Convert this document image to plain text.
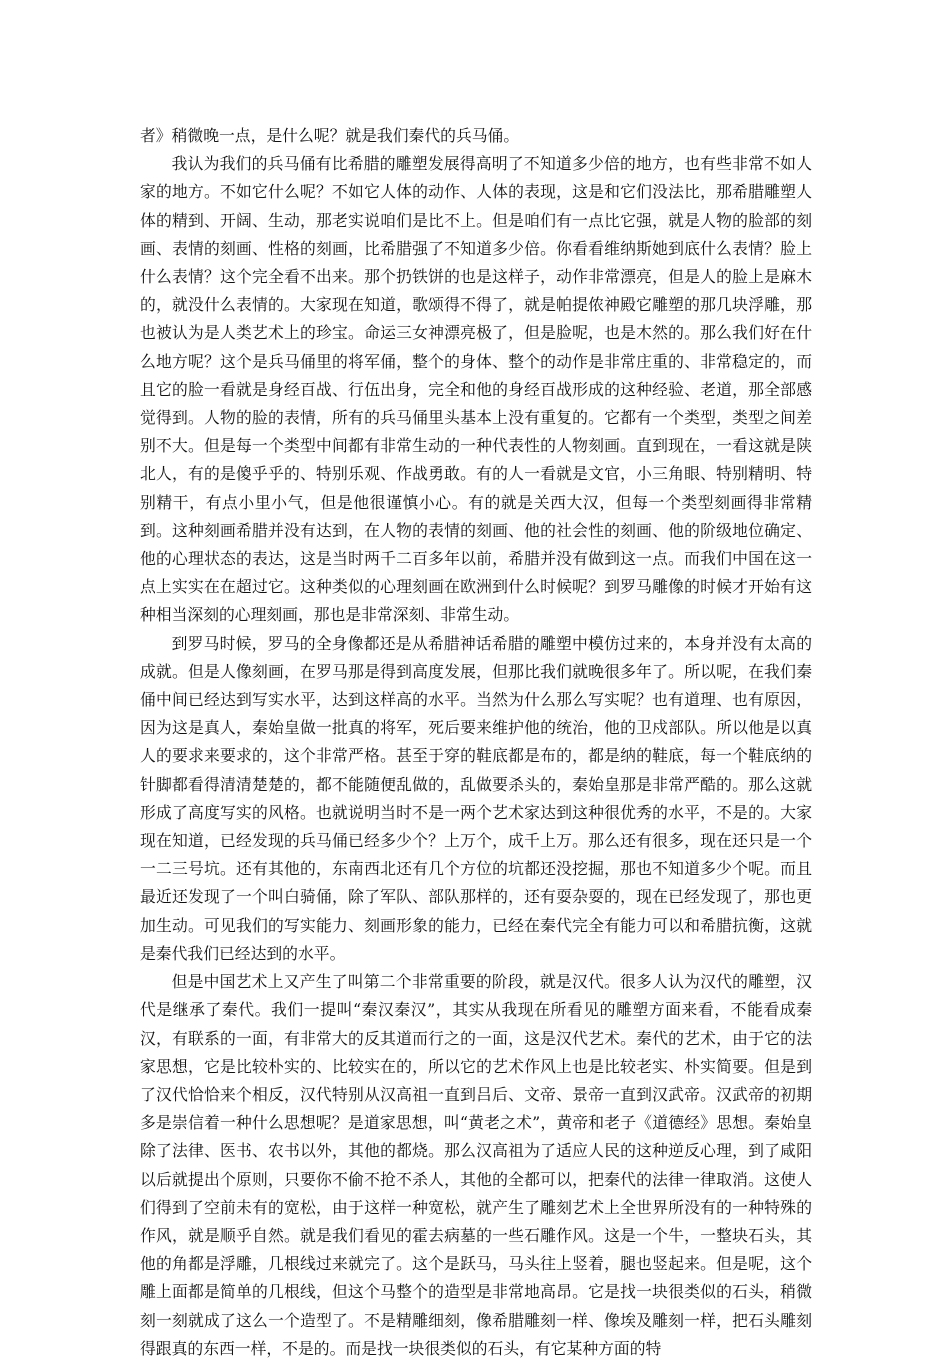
者》稍微晚一点，是什么呢？就是我们秦代的兵马俑。

我认为我们的兵马俑有比希腊的雕塑发展得高明了不知道多少倍的地方，也有些非常不如人家的地方。不如它什么呢？不如它人体的动作、人体的表现，这是和它们没法比，那希腊雕塑人体的精到、开阔、生动，那老实说咱们是比不上。但是咱们有一点比它强，就是人物的脸部的刻画、表情的刻画、性格的刻画，比希腊强了不知道多少倍。你看看维纳斯她到底什么表情？脸上什么表情？这个完全看不出来。那个扔铁饼的也是这样子，动作非常漂亮，但是人的脸上是麻木的，就没什么表情的。大家现在知道，歌颂得不得了，就是帕提侬神殿它雕塑的那几块浮雕，那也被认为是人类艺术上的珍宝。命运三女神漂亮极了，但是脸呢，也是木然的。那么我们好在什么地方呢？这个是兵马俑里的将军俑，整个的身体、整个的动作是非常庄重的、非常稳定的，而且它的脸一看就是身经百战、行伍出身，完全和他的身经百战形成的这种经验、老道，那全部感觉得到。人物的脸的表情，所有的兵马俑里头基本上没有重复的。它都有一个类型，类型之间差别不大。但是每一个类型中间都有非常生动的一种代表性的人物刻画。直到现在，一看这就是陕北人，有的是傻乎乎的、特别乐观、作战勇敢。有的人一看就是文官，小三角眼、特别精明、特别精干，有点小里小气，但是他很谨慎小心。有的就是关西大汉，但每一个类型刻画得非常精到。这种刻画希腊并没有达到，在人物的表情的刻画、他的社会性的刻画、他的阶级地位确定、他的心理状态的表达，这是当时两千二百多年以前，希腊并没有做到这一点。而我们中国在这一点上实实在在超过它。这种类似的心理刻画在欧洲到什么时候呢？到罗马雕像的时候才开始有这种相当深刻的心理刻画，那也是非常深刻、非常生动。

到罗马时候，罗马的全身像都还是从希腊神话希腊的雕塑中模仿过来的，本身并没有太高的成就。但是人像刻画，在罗马那是得到高度发展，但那比我们就晚很多年了。所以呢，在我们秦俑中间已经达到写实水平，达到这样高的水平。当然为什么那么写实呢？也有道理、也有原因，因为这是真人，秦始皇做一批真的将军，死后要来维护他的统治，他的卫戍部队。所以他是以真人的要求来要求的，这个非常严格。甚至于穿的鞋底都是布的，都是纳的鞋底，每一个鞋底纳的针脚都看得清清楚楚的，都不能随便乱做的，乱做要杀头的，秦始皇那是非常严酷的。那么这就形成了高度写实的风格。也就说明当时不是一两个艺术家达到这种很优秀的水平，不是的。大家现在知道，已经发现的兵马俑已经多少个？上万个，成千上万。那么还有很多，现在还只是一个一二三号坑。还有其他的，东南西北还有几个方位的坑都还没挖掘，那也不知道多少个呢。而且最近还发现了一个叫白骑俑，除了军队、部队那样的，还有耍杂耍的，现在已经发现了，那也更加生动。可见我们的写实能力、刻画形象的能力，已经在秦代完全有能力可以和希腊抗衡，这就是秦代我们已经达到的水平。

但是中国艺术上又产生了叫第二个非常重要的阶段，就是汉代。很多人认为汉代的雕塑，汉代是继承了秦代。我们一提叫“秦汉秦汉”，其实从我现在所看见的雕塑方面来看，不能看成秦汉，有联系的一面，有非常大的反其道而行之的一面，这是汉代艺术。秦代的艺术，由于它的法家思想，它是比较朴实的、比较实在的，所以它的艺术作风上也是比较老实、朴实简要。但是到了汉代恰恰来个相反，汉代特别从汉高祖一直到吕后、文帝、景帝一直到汉武帝。汉武帝的初期多是崇信着一种什么思想呢？是道家思想，叫“黄老之术”，黄帝和老子《道德经》思想。秦始皇除了法律、医书、农书以外，其他的都烧。那么汉高祖为了适应人民的这种逆反心理，到了咸阳以后就提出个原则，只要你不偷不抢不杀人，其他的全都可以，把秦代的法律一律取消。这使人们得到了空前未有的宽松，由于这样一种宽松，就产生了雕刻艺术上全世界所没有的一种特殊的作风，就是顺乎自然。就是我们看见的霍去病墓的一些石雕作风。这是一个牛，一整块石头，其他的角都是浮雕，几根线过来就完了。这个是跃马，马头往上竖着，腿也竖起来。但是呢，这个雕上面都是简单的几根线，但这个马整个的造型是非常地高昂。它是找一块很类似的石头，稍微刻一刻就成了这么一个造型了。不是精雕细刻，像希腊雕刻一样、像埃及雕刻一样，把石头雕刻得跟真的东西一样，不是的。而是找一块很类似的石头，有它某种方面的特
